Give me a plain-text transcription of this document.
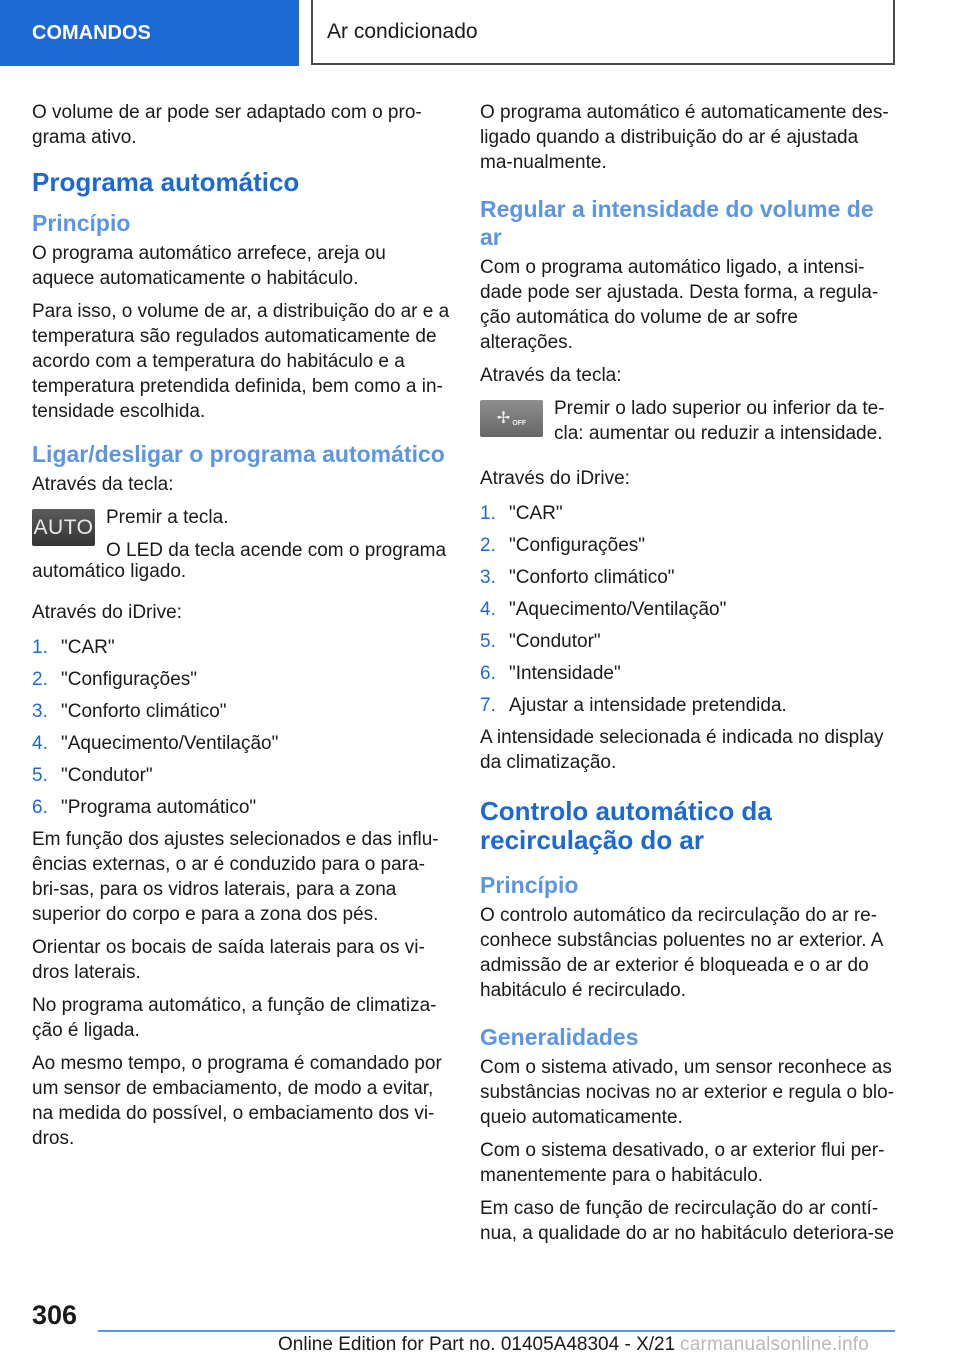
COMANDOS	Ar condicionado

O volume de ar pode ser adaptado com o pro-grama ativo.

Programa automático
Princípio

O programa automático arrefece, areja ou aquece automaticamente o habitáculo.

Para isso, o volume de ar, a distribuição do ar e a temperatura são regulados automaticamente de acordo com a temperatura do habitáculo e a temperatura pretendida definida, bem como a in-tensidade escolhida.

Ligar/desligar o programa automático

Através da tecla:

AUTO Premir a tecla.

O LED da tecla acende com o programa

automático ligado.

Através do iDrive:

1. "CAR"
2. "Configurações"
3. "Conforto climático"
4. "Aquecimento/Ventilação"
5. "Condutor"
6. "Programa automático"

Em função dos ajustes selecionados e das influ-ências externas, o ar é conduzido para o para-bri-sas, para os vidros laterais, para a zona superior do corpo e para a zona dos pés.

Orientar os bocais de saída laterais para os vi-dros laterais.

No programa automático, a função de climatiza-ção é ligada.

Ao mesmo tempo, o programa é comandado por um sensor de embaciamento, de modo a evitar, na medida do possível, o embaciamento dos vi-dros.

O programa automático é automaticamente des-ligado quando a distribuição do ar é ajustada ma-nualmente.

Regular a intensidade do volume de ar

Com o programa automático ligado, a intensi-dade pode ser ajustada. Desta forma, a regula-ção automática do volume de ar sofre alterações.

Através da tecla:

✢ OFF

Premir o lado superior ou inferior da te-cla: aumentar ou reduzir a intensidade.

Através do iDrive:

1. "CAR"
2. "Configurações"
3. "Conforto climático"
4. "Aquecimento/Ventilação"
5. "Condutor"
6. "Intensidade"
7. Ajustar a intensidade pretendida.

A intensidade selecionada é indicada no display da climatização.

Controlo automático da recirculação do ar
Princípio

O controlo automático da recirculação do ar re-conhece substâncias poluentes no ar exterior. A admissão de ar exterior é bloqueada e o ar do habitáculo é recirculado.

Generalidades

Com o sistema ativado, um sensor reconhece as substâncias nocivas no ar exterior e regula o blo-queio automaticamente.

Com o sistema desativado, o ar exterior flui per-manentemente para o habitáculo.

Em caso de função de recirculação do ar contí-nua, a qualidade do ar no habitáculo deteriora-se

306
Online Edition for Part no. 01405A48304 - X/21 carmanualsonline.info
